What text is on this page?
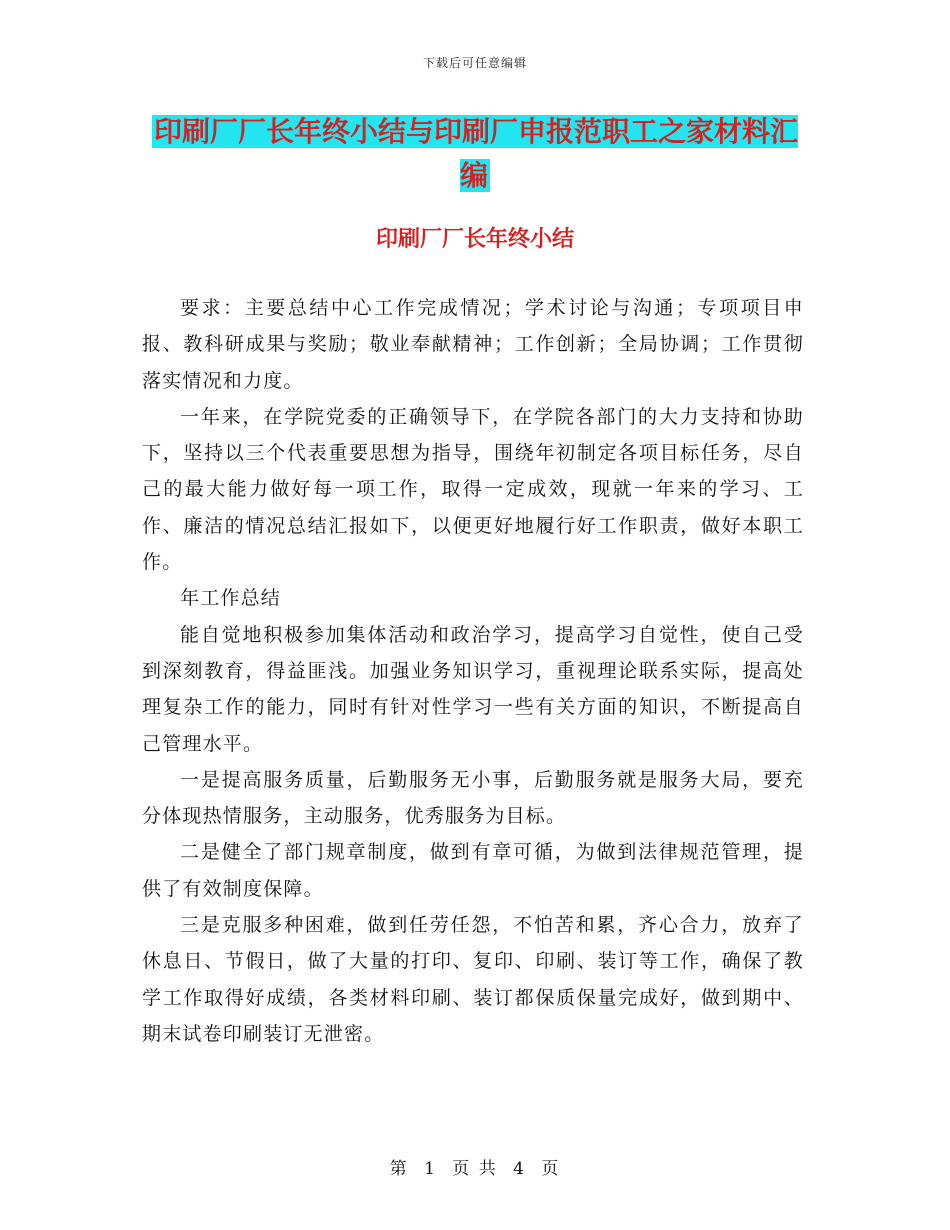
下载后可任意编辑
印刷厂厂长年终小结与印刷厂申报范职工之家材料汇编
印刷厂厂长年终小结

要求：主要总结中心工作完成情况；学术讨论与沟通；专项项目申报、教科研成果与奖励；敬业奉献精神；工作创新；全局协调；工作贯彻落实情况和力度。

一年来，在学院党委的正确领导下，在学院各部门的大力支持和协助下，坚持以三个代表重要思想为指导，围绕年初制定各项目标任务，尽自己的最大能力做好每一项工作，取得一定成效，现就一年来的学习、工作、廉洁的情况总结汇报如下，以便更好地履行好工作职责，做好本职工作。

年工作总结

能自觉地积极参加集体活动和政治学习，提高学习自觉性，使自己受到深刻教育，得益匪浅。加强业务知识学习，重视理论联系实际，提高处理复杂工作的能力，同时有针对性学习一些有关方面的知识，不断提高自己管理水平。

一是提高服务质量，后勤服务无小事，后勤服务就是服务大局，要充分体现热情服务，主动服务，优秀服务为目标。

二是健全了部门规章制度，做到有章可循，为做到法律规范管理，提供了有效制度保障。

三是克服多种困难，做到任劳任怨，不怕苦和累，齐心合力，放弃了休息日、节假日，做了大量的打印、复印、印刷、装订等工作，确保了教学工作取得好成绩，各类材料印刷、装订都保质保量完成好，做到期中、期末试卷印刷装订无泄密。

第 1 页 共 4 页
